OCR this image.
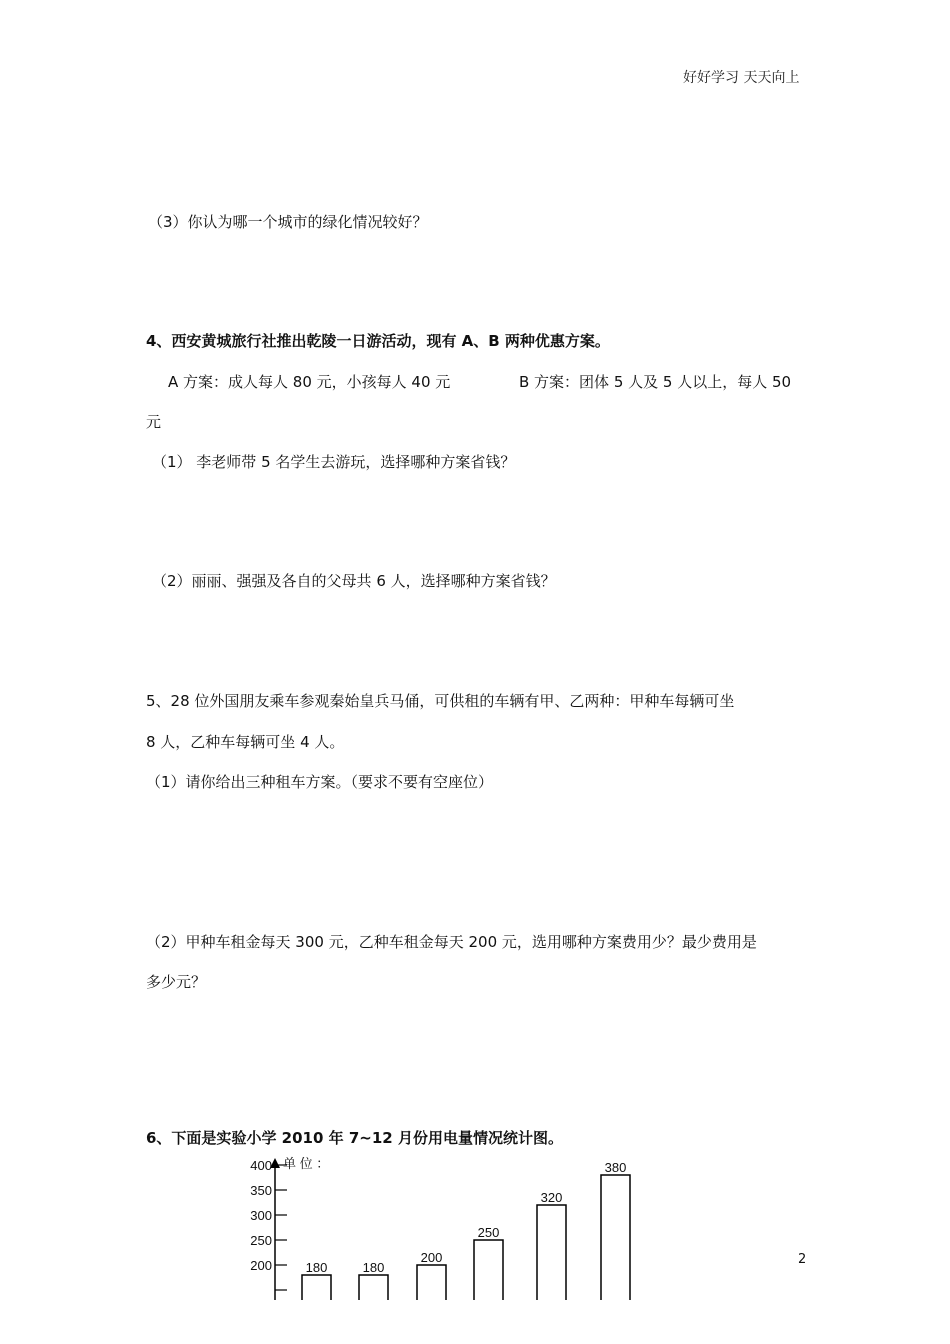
好好学习 天天向上
（3）你认为哪一个城市的绿化情况较好？
4、西安黄城旅行社推出乾陵一日游活动，现有 A、B 两种优惠方案。
A 方案：成人每人 80 元，小孩每人 40 元	B 方案：团体 5 人及 5 人以上，每人 50
元
（1） 李老师带 5 名学生去游玩，选择哪种方案省钱？
（2）丽丽、强强及各自的父母共 6 人，选择哪种方案省钱？
5、28 位外国朋友乘车参观秦始皇兵马俑，可供租的车辆有甲、乙两种：甲种车每辆可坐
8 人，乙种车每辆可坐 4 人。
（1）请你给出三种租车方案。（要求不要有空座位）
（2）甲种车租金每天 300 元，乙种车租金每天 200 元，选用哪种方案费用少？最少费用是
多少元？
6、下面是实验小学 2010 年 7~12 月份用电量情况统计图。
单 位 ：
400
350
300
250
200	180	180
200
250
320
380
2
